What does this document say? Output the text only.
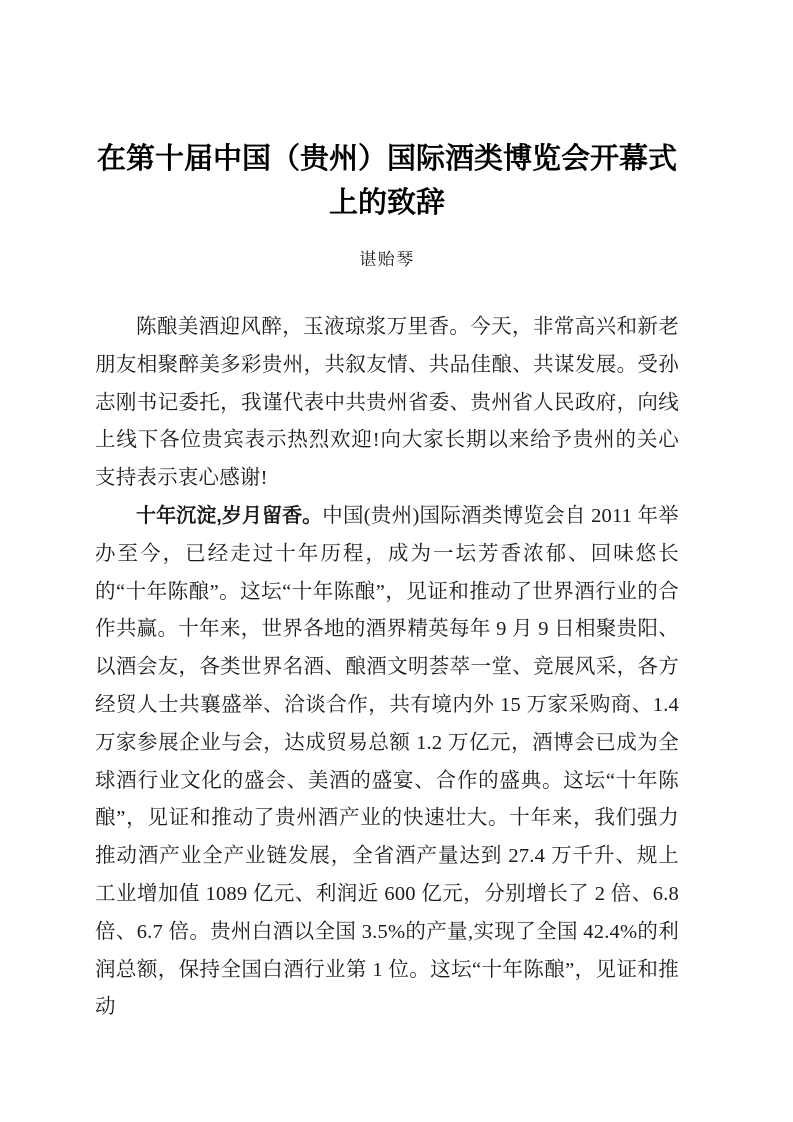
在第十届中国（贵州）国际酒类博览会开幕式上的致辞
谌贻琴

陈酿美酒迎风醉，玉液琼浆万里香。今天，非常高兴和新老朋友相聚醉美多彩贵州，共叙友情、共品佳酿、共谋发展。受孙志刚书记委托，我谨代表中共贵州省委、贵州省人民政府，向线上线下各位贵宾表示热烈欢迎!向大家长期以来给予贵州的关心支持表示衷心感谢!

十年沉淀,岁月留香。中国(贵州)国际酒类博览会自 2011 年举办至今，已经走过十年历程，成为一坛芳香浓郁、回味悠长的“十年陈酿”。这坛“十年陈酿”，见证和推动了世界酒行业的合作共赢。十年来，世界各地的酒界精英每年 9 月 9 日相聚贵阳、以酒会友，各类世界名酒、酿酒文明荟萃一堂、竞展风采，各方经贸人士共襄盛举、洽谈合作，共有境内外 15 万家采购商、1.4 万家参展企业与会，达成贸易总额 1.2 万亿元，酒博会已成为全球酒行业文化的盛会、美酒的盛宴、合作的盛典。这坛“十年陈酿”，见证和推动了贵州酒产业的快速壮大。十年来，我们强力推动酒产业全产业链发展，全省酒产量达到 27.4 万千升、规上工业增加值 1089 亿元、利润近 600 亿元，分别增长了 2 倍、6.8 倍、6.7 倍。贵州白酒以全国 3.5%的产量,实现了全国 42.4%的利润总额，保持全国白酒行业第 1 位。这坛“十年陈酿”，见证和推动
